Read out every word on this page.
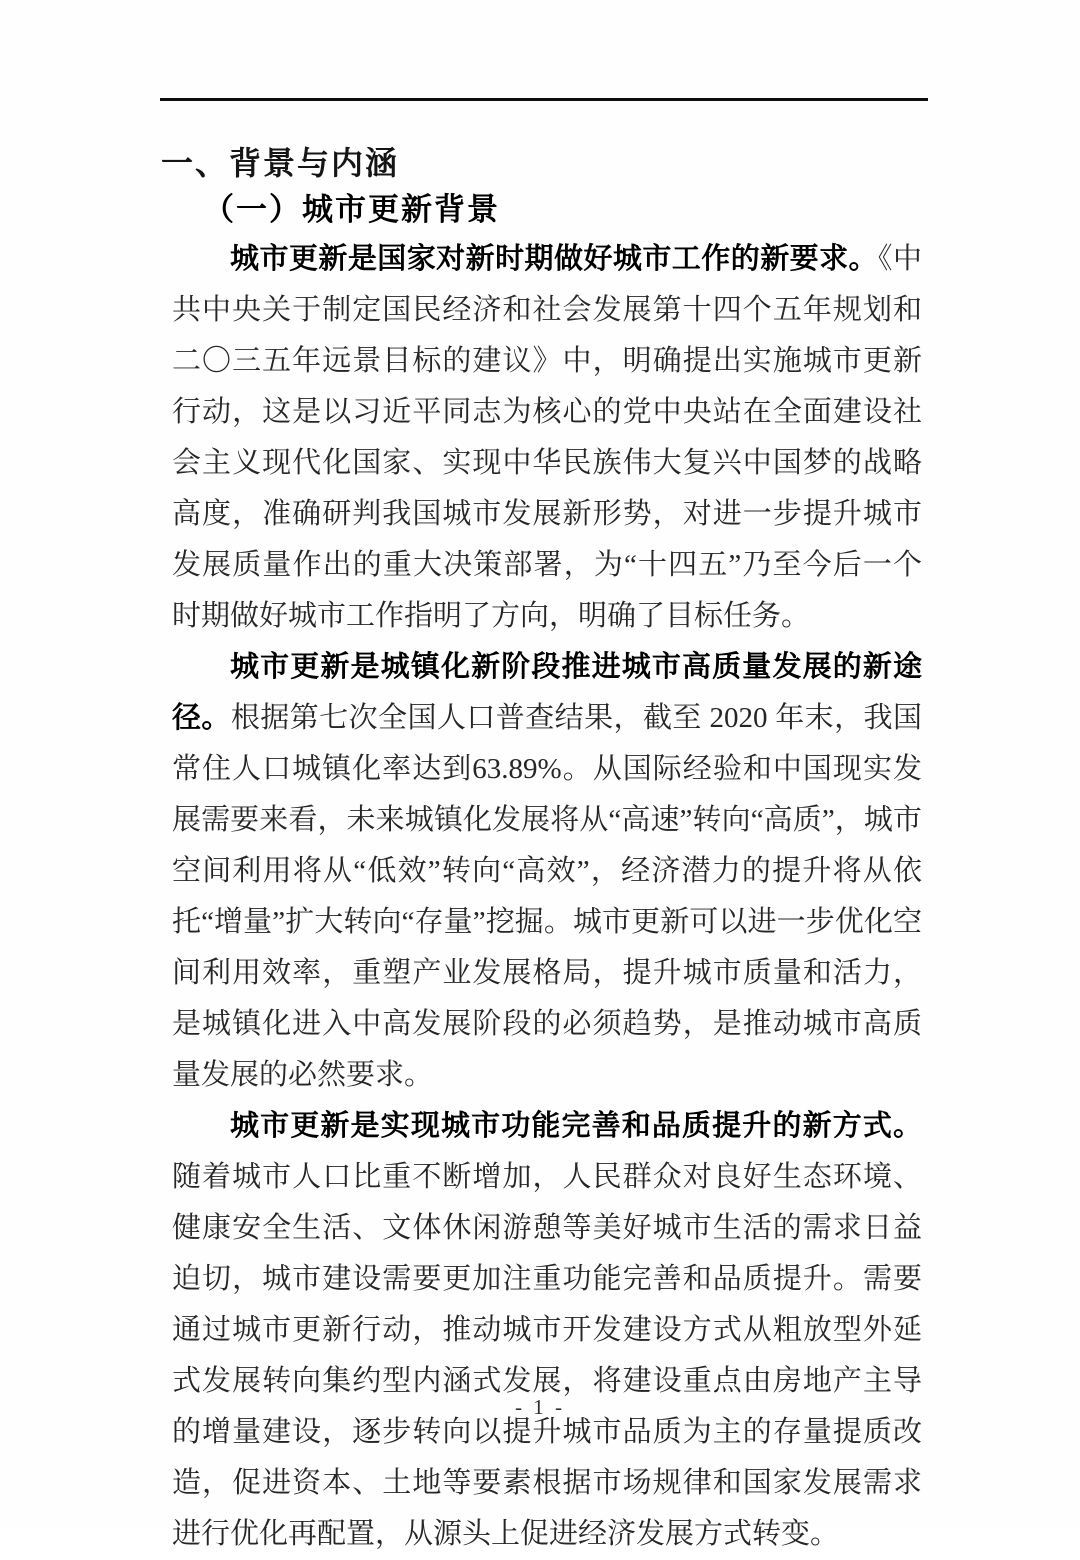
一、背景与内涵
（一）城市更新背景

城市更新是国家对新时期做好城市工作的新要求。《中共中央关于制定国民经济和社会发展第十四个五年规划和二〇三五年远景目标的建议》中，明确提出实施城市更新行动，这是以习近平同志为核心的党中央站在全面建设社会主义现代化国家、实现中华民族伟大复兴中国梦的战略高度，准确研判我国城市发展新形势，对进一步提升城市发展质量作出的重大决策部署，为“十四五”乃至今后一个时期做好城市工作指明了方向，明确了目标任务。

城市更新是城镇化新阶段推进城市高质量发展的新途径。根据第七次全国人口普查结果，截至 2020 年末，我国常住人口城镇化率达到63.89%。从国际经验和中国现实发展需要来看，未来城镇化发展将从“高速”转向“高质”，城市空间利用将从“低效”转向“高效”，经济潜力的提升将从依托“增量”扩大转向“存量”挖掘。城市更新可以进一步优化空间利用效率，重塑产业发展格局，提升城市质量和活力，是城镇化进入中高发展阶段的必须趋势，是推动城市高质量发展的必然要求。

城市更新是实现城市功能完善和品质提升的新方式。随着城市人口比重不断增加，人民群众对良好生态环境、健康安全生活、文体休闲游憩等美好城市生活的需求日益迫切，城市建设需要更加注重功能完善和品质提升。需要通过城市更新行动，推动城市开发建设方式从粗放型外延式发展转向集约型内涵式发展，将建设重点由房地产主导的增量建设，逐步转向以提升城市品质为主的存量提质改造，促进资本、土地等要素根据市场规律和国家发展需求进行优化再配置，从源头上促进经济发展方式转变。

- 1 -
